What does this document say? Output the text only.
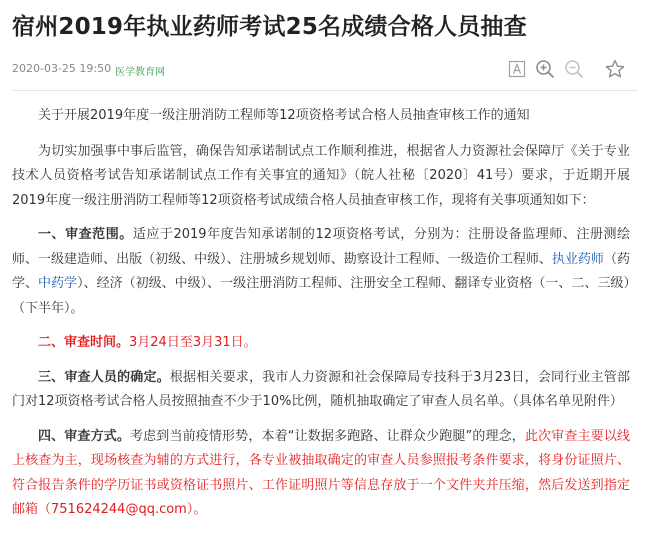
宿州2019年执业药师考试25名成绩合格人员抽查
2020-03-25 19:50 医学教育网

关于开展2019年度一级注册消防工程师等12项资格考试合格人员抽查审核工作的通知

为切实加强事中事后监管，确保告知承诺制试点工作顺利推进，根据省人力资源社会保障厅《关于专业技术人员资格考试告知承诺制试点工作有关事宜的通知》（皖人社秘〔2020〕41号）要求，于近期开展2019年度一级注册消防工程师等12项资格考试成绩合格人员抽查审核工作，现将有关事项通知如下：

一、审查范围。适应于2019年度告知承诺制的12项资格考试，分别为：注册设备监理师、注册测绘师、一级建造师、出版（初级、中级）、注册城乡规划师、勘察设计工程师、一级造价工程师、执业药师（药学、中药学）、经济（初级、中级）、一级注册消防工程师、注册安全工程师、翻译专业资格（一、二、三级）（下半年）。

二、审查时间。3月24日至3月31日。

三、审查人员的确定。根据相关要求，我市人力资源和社会保障局专技科于3月23日，会同行业主管部门对12项资格考试合格人员按照抽查不少于10%比例，随机抽取确定了审查人员名单。（具体名单见附件）

四、审查方式。考虑到当前疫情形势，本着“让数据多跑路、让群众少跑腿”的理念，此次审查主要以线上核查为主，现场核查为辅的方式进行，各专业被抽取确定的审查人员参照报考条件要求，将身份证照片、符合报告条件的学历证书或资格证书照片、工作证明照片等信息存放于一个文件夹并压缩，然后发送到指定邮箱（751624244@qq.com）。
